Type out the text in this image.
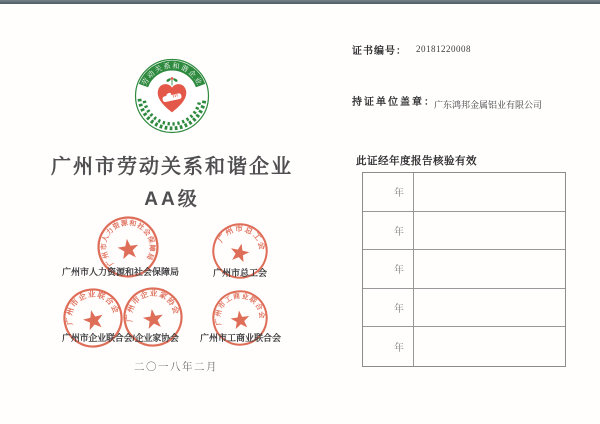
劳动关系和谐企业
广州市劳动关系和谐企业
AA级
广州市人力资源和社会保障局
广州市总工会
广州市企业联合会
广州市企业家协会
广州市工商业联合会
广州市人力资源和社会保障局	广州市总工会
广州市企业联合会/企业家协会 广州市工商业联合会
二〇一八年二月
证书编号： 20181220008
持证单位盖章：
广东鸿邦金属铝业有限公司
此证经年度报告核验有效
年
年
年
年
年
